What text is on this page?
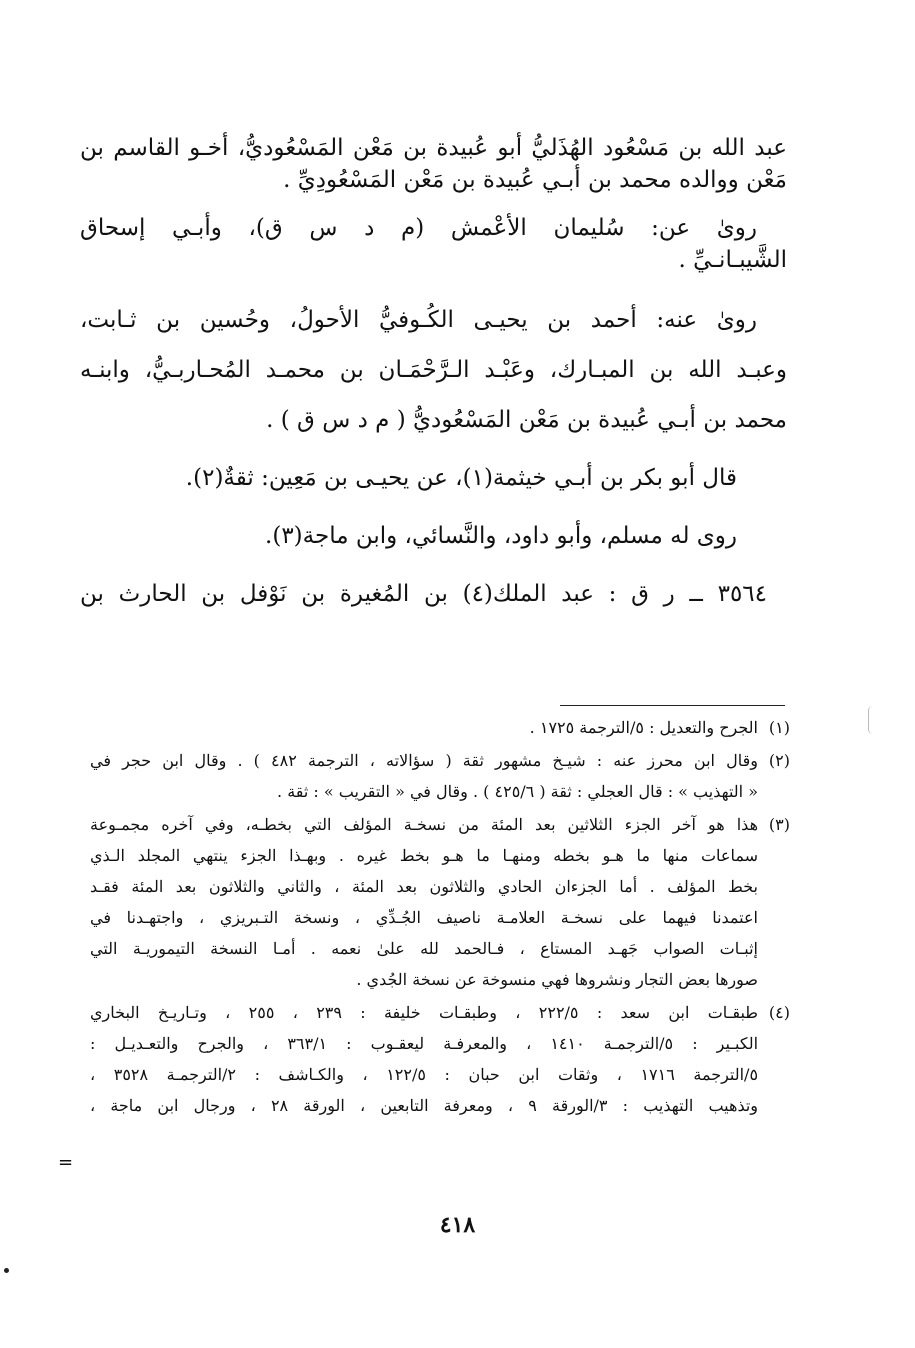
عبد الله بن مَسْعُود الهُذَليُّ أبو عُبيدة بن مَعْن المَسْعُوديُّ، أخـو القاسم بن

مَعْن ووالده محمد بن أبـي عُبيدة بن مَعْن المَسْعُودِيِّ .

روىٰ عن: سُليمان الأعْمش (م د س ق)، وأبـي إسحاق

الشَّيبـانـيِّ .

روىٰ عنه: أحمد بن يحيـى الكُـوفيُّ الأحولُ، وحُسين بن ثـابت،

وعبـد الله بن المبـارك، وعَبْـد الـرَّحْمَـان بن محمـد المُحـاربـيُّ، وابنـه

محمد بن أبـي عُبيدة بن مَعْن المَسْعُوديُّ ( م د س ق ) .

قال أبو بكر بن أبـي خيثمة(١)، عن يحيـى بن مَعِين: ثقةٌ(٢).

روى له مسلم، وأبو داود، والنَّسائي، وابن ماجة(٣).

٣٥٦٤ ــ ر ق : عبد الملك(٤) بن المُغيرة بن نَوْفل بن الحارث بن

(١)

الجرح والتعديل : ٥/الترجمة ١٧٢٥ .

(٢)

وقال ابن محرز عنه : شيـخ مشهور ثقة ( سؤالاته ، الترجمة ٤٨٢ ) . وقال ابن حجر في

« التهذيب » : قال العجلي : ثقة ( ٤٢٥/٦ ) . وقال في « التقريب » : ثقة .

(٣)

هذا هو آخر الجزء الثلاثين بعد المئة من نسخـة المؤلف التي بخطـه، وفي آخره مجمـوعة

سماعات منها ما هـو بخطه ومنهـا ما هـو بخط غيره . وبهـذا الجزء ينتهي المجلد الـذي

بخط المؤلف . أما الجزءان الحادي والثلاثون بعد المئة ، والثاني والثلاثون بعد المئة فقـد

اعتمدنا فيهما على نسخـة العلامـة ناصيف الجُـدِّي ، ونسخة التـبريزي ، واجتهـدنا في

إثبـات الصواب جَهـد المستاع ، فـالحمد لله علىٰ نعمه . أمـا النسخة التيموريـة التي

صورها بعض التجار ونشروها فهي منسوخة عن نسخة الجُدي .

(٤)

طبقـات ابن سعد : ٢٢٢/٥ ، وطبقـات خليفة : ٢٣٩ ، ٢٥٥ ، وتـاريـخ البخاري

الكبـير : ٥/الترجمـة ١٤١٠ ، والمعرفـة ليعقـوب : ٣٦٣/١ ، والجرح والتعـديـل :

٥/الترجمة ١٧١٦ ، وثقات ابن حبان : ١٢٢/٥ ، والكـاشف : ٢/الترجمـة ٣٥٢٨ ،

وتذهيب التهذيب : ٣/الورقة ٩ ، ومعرفة التابعين ، الورقة ٢٨ ، ورجال ابن ماجة ،

=
٤١٨
